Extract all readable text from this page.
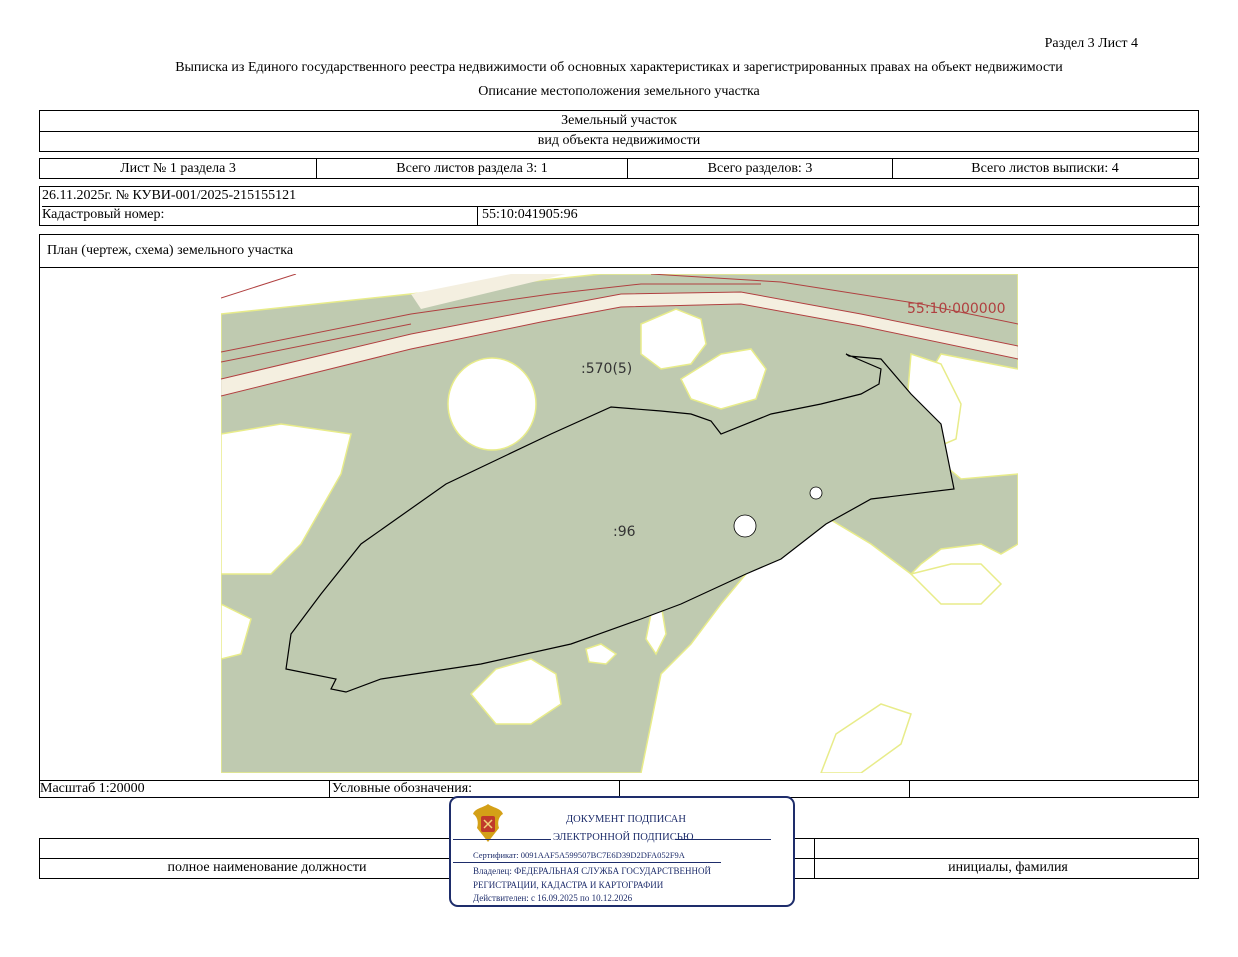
Раздел 3 Лист 4
Выписка из Единого государственного реестра недвижимости об основных характеристиках и зарегистрированных правах на объект недвижимости
Описание местоположения земельного участка
Земельный участок
вид объекта недвижимости
Лист № 1 раздела 3	Всего листов раздела 3: 1	Всего разделов: 3	Всего листов выписки: 4
26.11.2025г. № КУВИ-001/2025-215155121
Кадастровый номер:	55:10:041905:96
План (чертеж, схема) земельного участка
55:10:000000
:570(5)
:96
Масштаб 1:20000	Условные обозначения:
полное наименование должности	инициалы, фамилия
ДОКУМЕНТ ПОДПИСАН
ЭЛЕКТРОННОЙ ПОДПИСЬЮ
Сертификат: 0091AAF5A599507BC7E6D39D2DFA052F9A
Владелец: ФЕДЕРАЛЬНАЯ СЛУЖБА ГОСУДАРСТВЕННОЙ
РЕГИСТРАЦИИ, КАДАСТРА И КАРТОГРАФИИ
Действителен: с 16.09.2025 по 10.12.2026
